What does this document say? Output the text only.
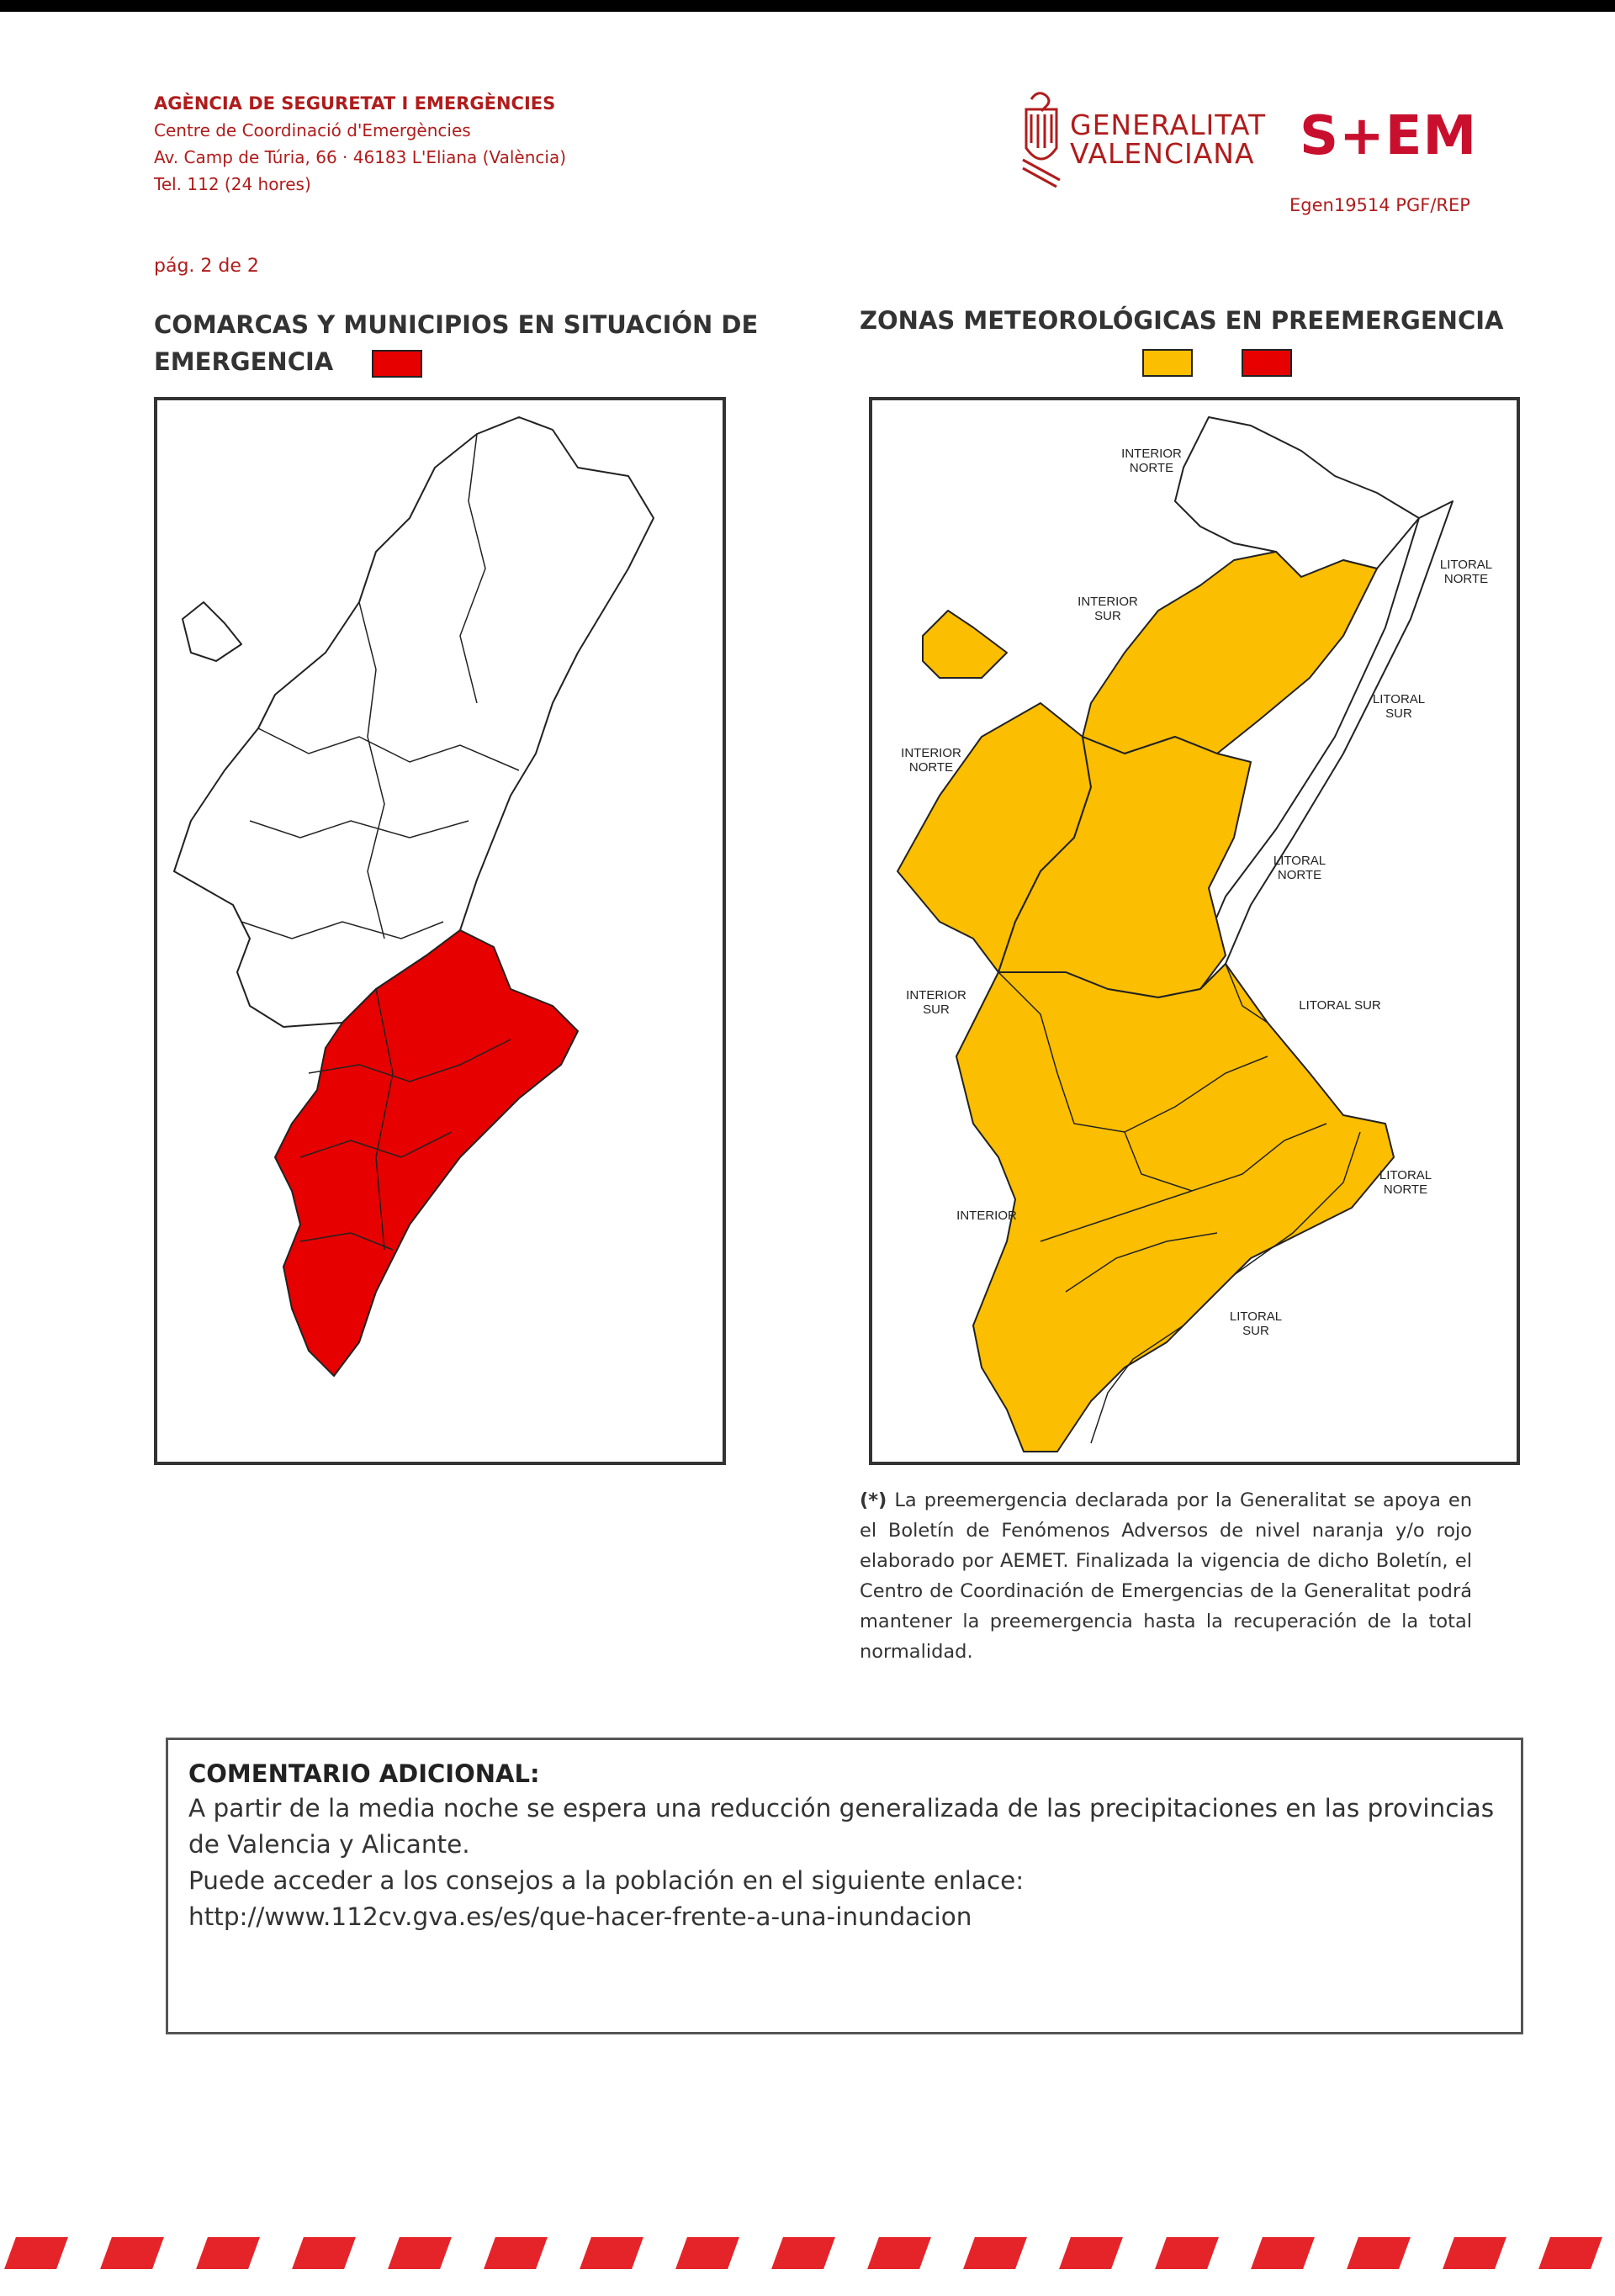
AGÈNCIA DE SEGURETAT I EMERGÈNCIES
Centre de Coordinació d'Emergències
Av. Camp de Túria, 66 · 46183 L'Eliana (València)
Tel. 112 (24 hores)
GENERALITAT
VALENCIANA S+EM
Egen19514 PGF/REP
pág. 2 de 2
COMARCAS Y MUNICIPIOS EN SITUACIÓN DE EMERGENCIA
ZONAS METEOROLÓGICAS EN PREEMERGENCIA

INTERIOR NORTE
INTERIOR SUR
LITORAL NORTE
LITORAL SUR
INTERIOR NORTE
LITORAL NORTE
INTERIOR SUR	LITORAL SUR
LITORAL NORTE
INTERIOR
LITORAL SUR
(*) La preemergencia declarada por la Generalitat se apoya en el Boletín de Fenómenos Adversos de nivel naranja y/o rojo elaborado por AEMET. Finalizada la vigencia de dicho Boletín, el Centro de Coordinación de Emergencias de la Generalitat podrá mantener la preemergencia hasta la recuperación de la total normalidad.
COMENTARIO ADICIONAL:

A partir de la media noche se espera una reducción generalizada de las precipitaciones en las provincias de Valencia y Alicante.

Puede acceder a los consejos a la población en el siguiente enlace:

http://www.112cv.gva.es/es/que-hacer-frente-a-una-inundacion
